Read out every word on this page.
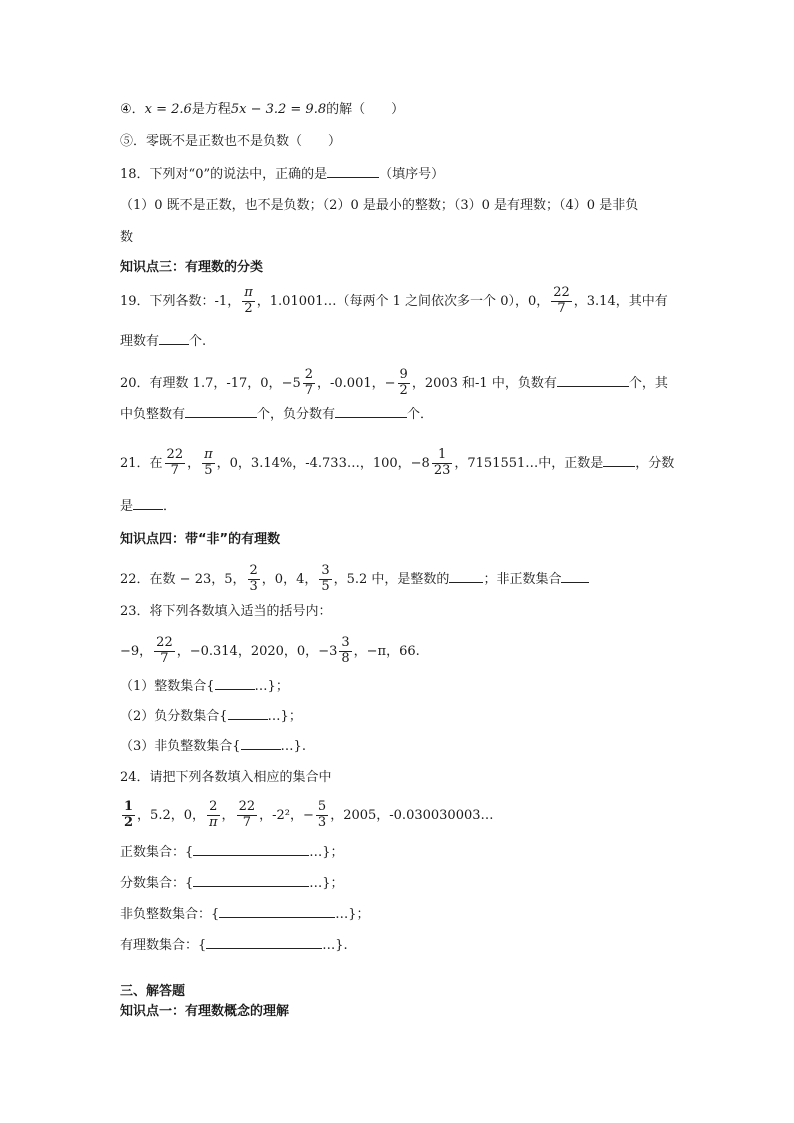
④．x = 2.6是方程5x − 3.2 = 9.8的解（　　）
⑤．零既不是正数也不是负数（　　）
18．下列对“0”的说法中，正确的是	（填序号）
（1）0 既不是正数，也不是负数；（2）0 是最小的整数；（3）0 是有理数；（4）0 是非负
数
知识点三：有理数的分类
19．下列各数：-1， $\frac{\pi}{2}$ ，1.01001…（每两个 1 之间依次多一个 0），0， $\frac{22}{7}$ ，3.14，其中有
理数有 个.
20．有理数 1.7，-17，0，$-5 \frac{2}{7}$ ，-0.001，− $\frac{9}{2}$ ，2003 和-1 中，负数有	个，其
中负整数有	个，负分数有	个．
21．在 $\frac{22}{7}$ ， $\frac{\pi}{5}$ ，0，3.14%，-4.733…，100，$-8 \frac{1}{23}$ ，7151551…中，正数是 ，分数
是 ．
知识点四：带“非”的有理数
22．在数 − 23，5， $\frac{2}{3}$ ，0，4， $\frac{3}{5}$ ，5.2 中，是整数的	；非正数集合
23．将下列各数填入适当的括号内：
−9， $\frac{22}{7}$ ，−0.314，2020，0，$-3 \frac{3}{8}$ ，−π，66.
（1）整数集合{	…}；
（2）负分数集合{	…}；
（3）非负整数集合{	…}.
24．请把下列各数填入相应的集合中
$\frac{1}{2}$ ，5.2，0， $\frac{2}{\pi}$ ， $\frac{22}{7}$ ，-2²，− $\frac{5}{3}$ ，2005，-0.030030003…
正数集合：{	…}；
分数集合：{	…}；
非负整数集合：{	…}；
有理数集合：{	…}.
三、解答题
知识点一：有理数概念的理解
